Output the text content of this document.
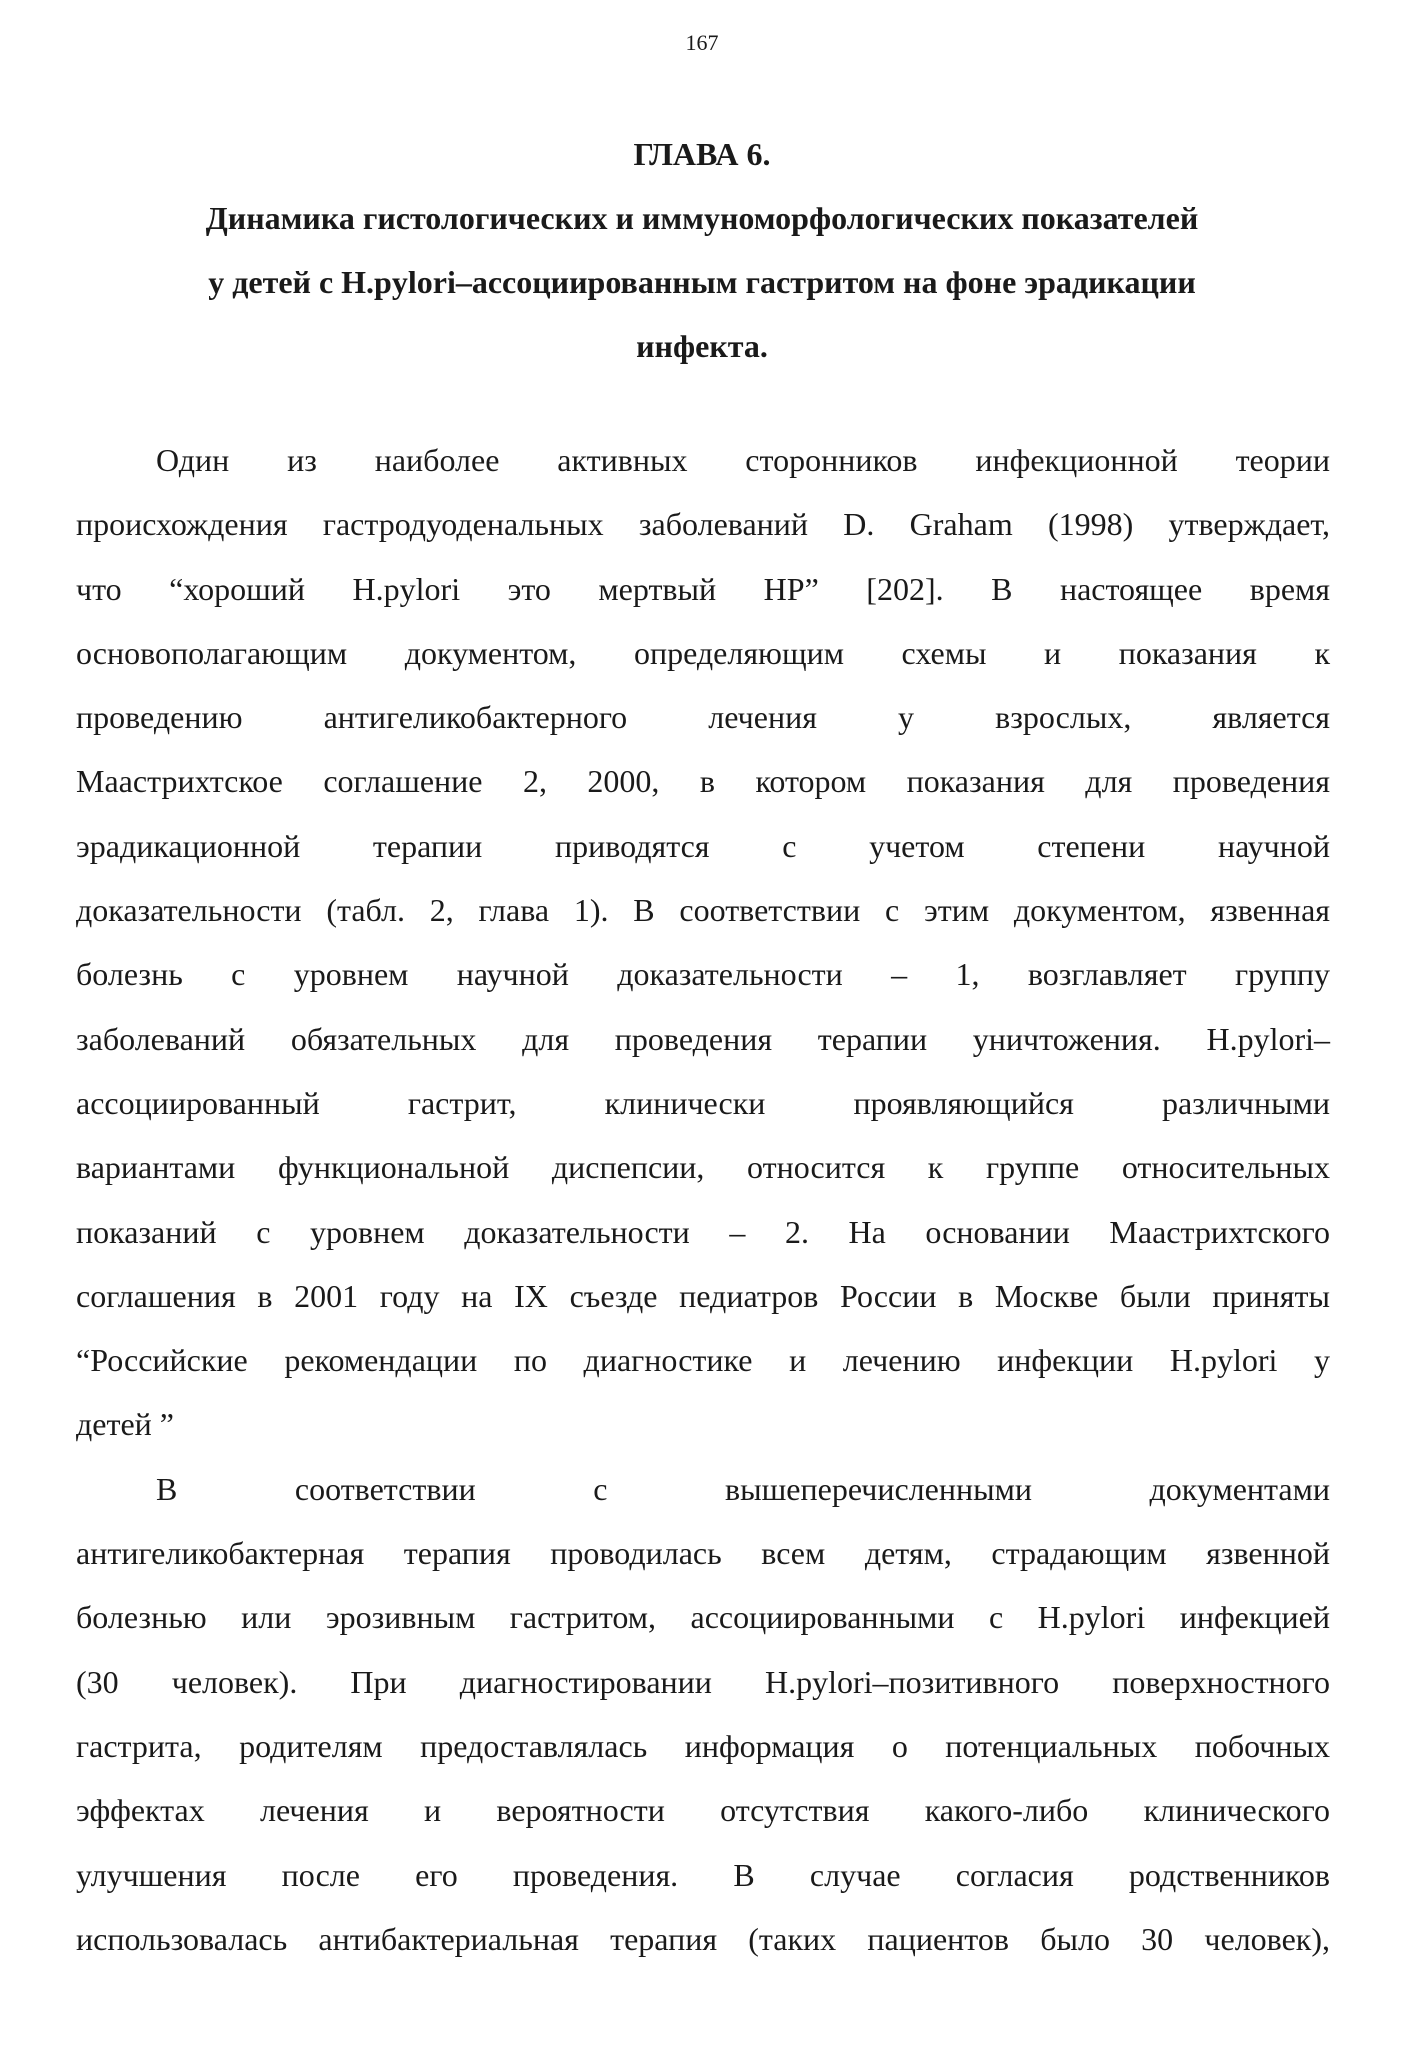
167
ГЛАВА 6.
Динамика гистологических и иммуноморфологических показателей
у детей с H.pylori–ассоциированным гастритом на фоне эрадикации
инфекта.
Один из наиболее активных сторонников инфекционной теории
происхождения гастродуоденальных заболеваний D. Graham (1998) утверждает,
что “хороший H.pylori это мертвый HP” [202]. В настоящее время
основополагающим документом, определяющим схемы и показания к
проведению антигеликобактерного лечения у взрослых, является
Маастрихтское соглашение 2, 2000, в котором показания для проведения
эрадикационной терапии приводятся с учетом степени научной
доказательности (табл. 2, глава 1). В соответствии с этим документом, язвенная
болезнь с уровнем научной доказательности – 1, возглавляет группу
заболеваний обязательных для проведения терапии уничтожения. H.pylori–
ассоциированный гастрит, клинически проявляющийся различными
вариантами функциональной диспепсии, относится к группе относительных
показаний с уровнем доказательности – 2. На основании Маастрихтского
соглашения в 2001 году на IX съезде педиатров России в Москве были приняты
“Российские рекомендации по диагностике и лечению инфекции H.pylori у
детей ”
В соответствии с вышеперечисленными документами
антигеликобактерная терапия проводилась всем детям, страдающим язвенной
болезнью или эрозивным гастритом, ассоциированными с H.pylori инфекцией
(30 человек). При диагностировании H.pylori–позитивного поверхностного
гастрита, родителям предоставлялась информация о потенциальных побочных
эффектах лечения и вероятности отсутствия какого-либо клинического
улучшения после его проведения. В случае согласия родственников
использовалась антибактериальная терапия (таких пациентов было 30 человек),
